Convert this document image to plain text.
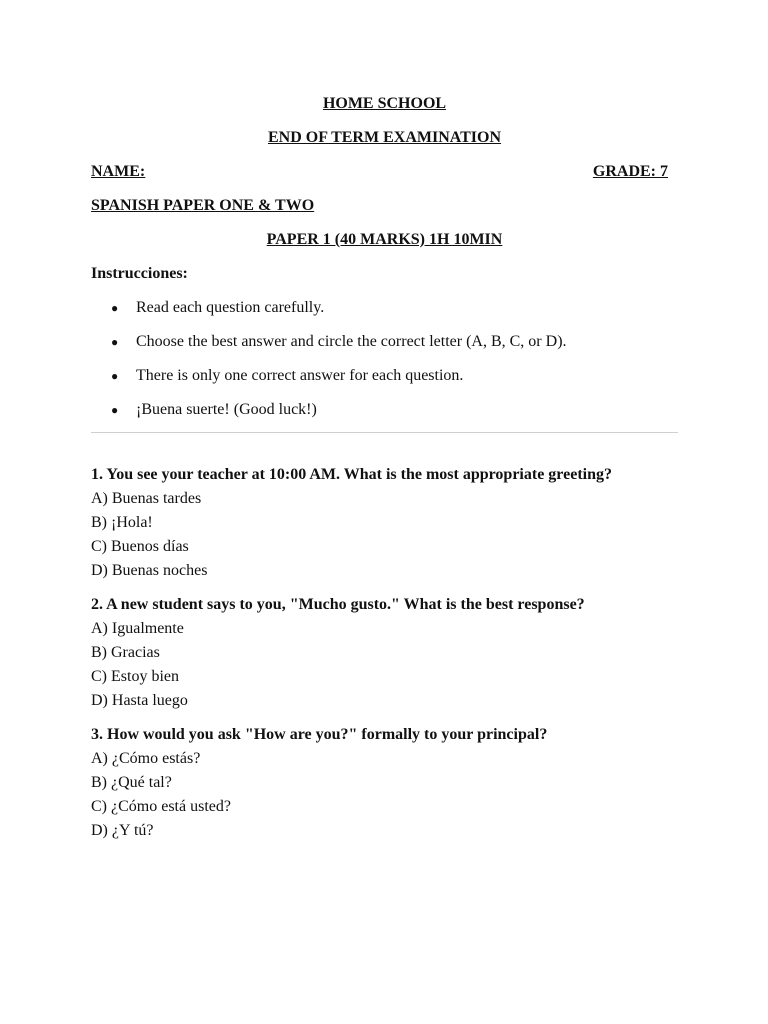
HOME SCHOOL
END OF TERM EXAMINATION
NAME:	GRADE: 7
SPANISH PAPER ONE & TWO
PAPER 1 (40 MARKS) 1H 10MIN
Instrucciones:
● Read each question carefully.
● Choose the best answer and circle the correct letter (A, B, C, or D).
● There is only one correct answer for each question.
● ¡Buena suerte! (Good luck!)
1. You see your teacher at 10:00 AM. What is the most appropriate greeting?
A) Buenas tardes
B) ¡Hola!
C) Buenos días
D) Buenas noches
2. A new student says to you, "Mucho gusto." What is the best response?
A) Igualmente
B) Gracias
C) Estoy bien
D) Hasta luego
3. How would you ask "How are you?" formally to your principal?
A) ¿Cómo estás?
B) ¿Qué tal?
C) ¿Cómo está usted?
D) ¿Y tú?
